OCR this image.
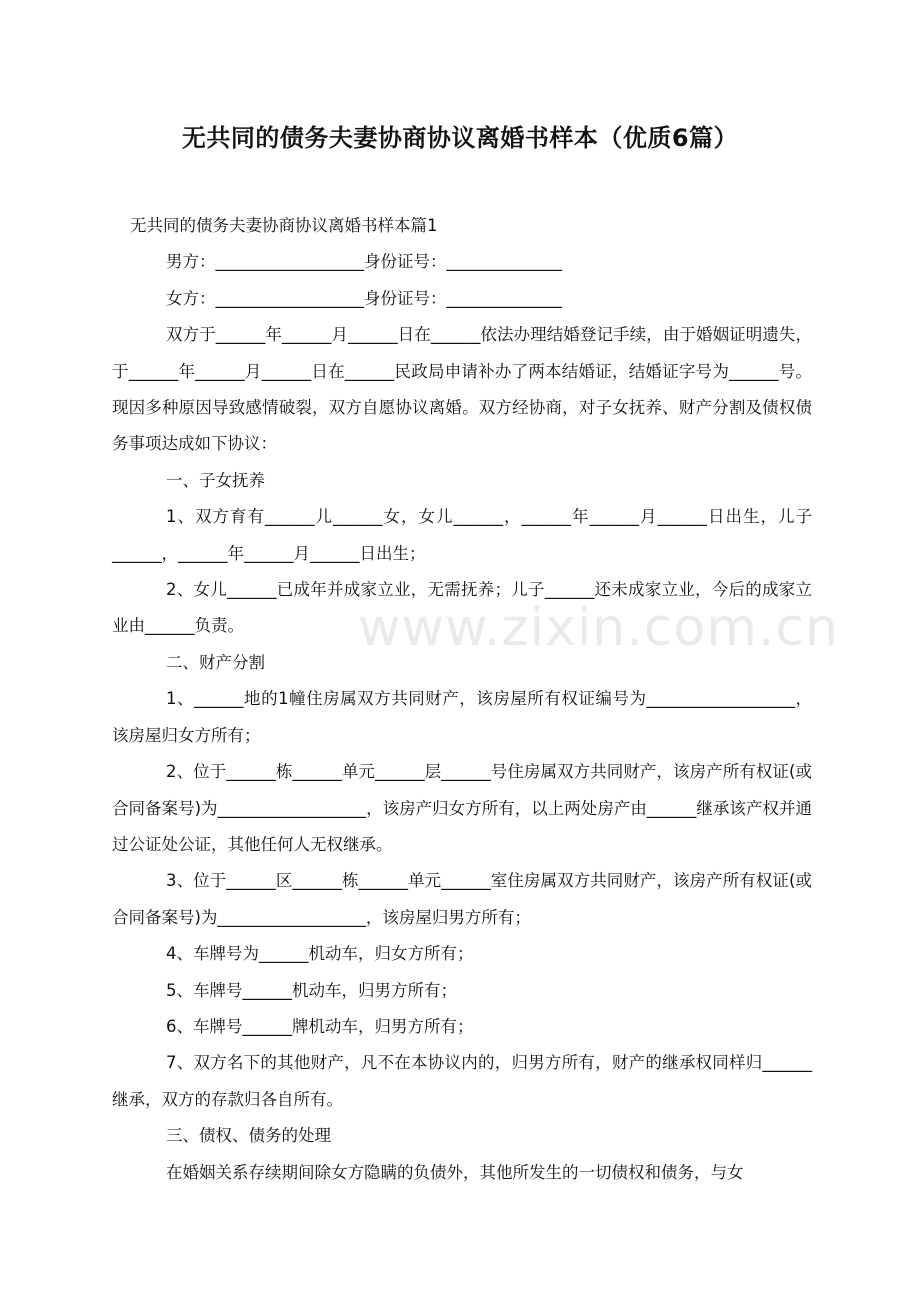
无共同的债务夫妻协商协议离婚书样本（优质6篇）

无共同的债务夫妻协商协议离婚书样本篇1

男方：__________________身份证号：______________

女方：__________________身份证号：______________

双方于______年______月______日在______依法办理结婚登记手续，由于婚姻证明遗失，于______年______月______日在______民政局申请补办了两本结婚证，结婚证字号为______号。现因多种原因导致感情破裂，双方自愿协议离婚。双方经协商，对子女抚养、财产分割及债权债务事项达成如下协议：

一、子女抚养

1、双方育有______儿______女，女儿______，______年______月______日出生，儿子______，______年______月______日出生；

2、女儿______已成年并成家立业，无需抚养；儿子______还未成家立业，今后的成家立业由______负责。

二、财产分割

1、______地的1幢住房属双方共同财产，该房屋所有权证编号为__________________，该房屋归女方所有；

2、位于______栋______单元______层______号住房属双方共同财产，该房产所有权证(或合同备案号)为__________________，该房产归女方所有，以上两处房产由______继承该产权并通过公证处公证，其他任何人无权继承。

3、位于______区______栋______单元______室住房属双方共同财产，该房产所有权证(或合同备案号)为__________________，该房屋归男方所有；

4、车牌号为______机动车，归女方所有；

5、车牌号______机动车，归男方所有；

6、车牌号______牌机动车，归男方所有；

7、双方名下的其他财产，凡不在本协议内的，归男方所有，财产的继承权同样归______继承，双方的存款归各自所有。

三、债权、债务的处理

在婚姻关系存续期间除女方隐瞒的负债外，其他所发生的一切债权和债务，与女

www.zixin.com.cn
